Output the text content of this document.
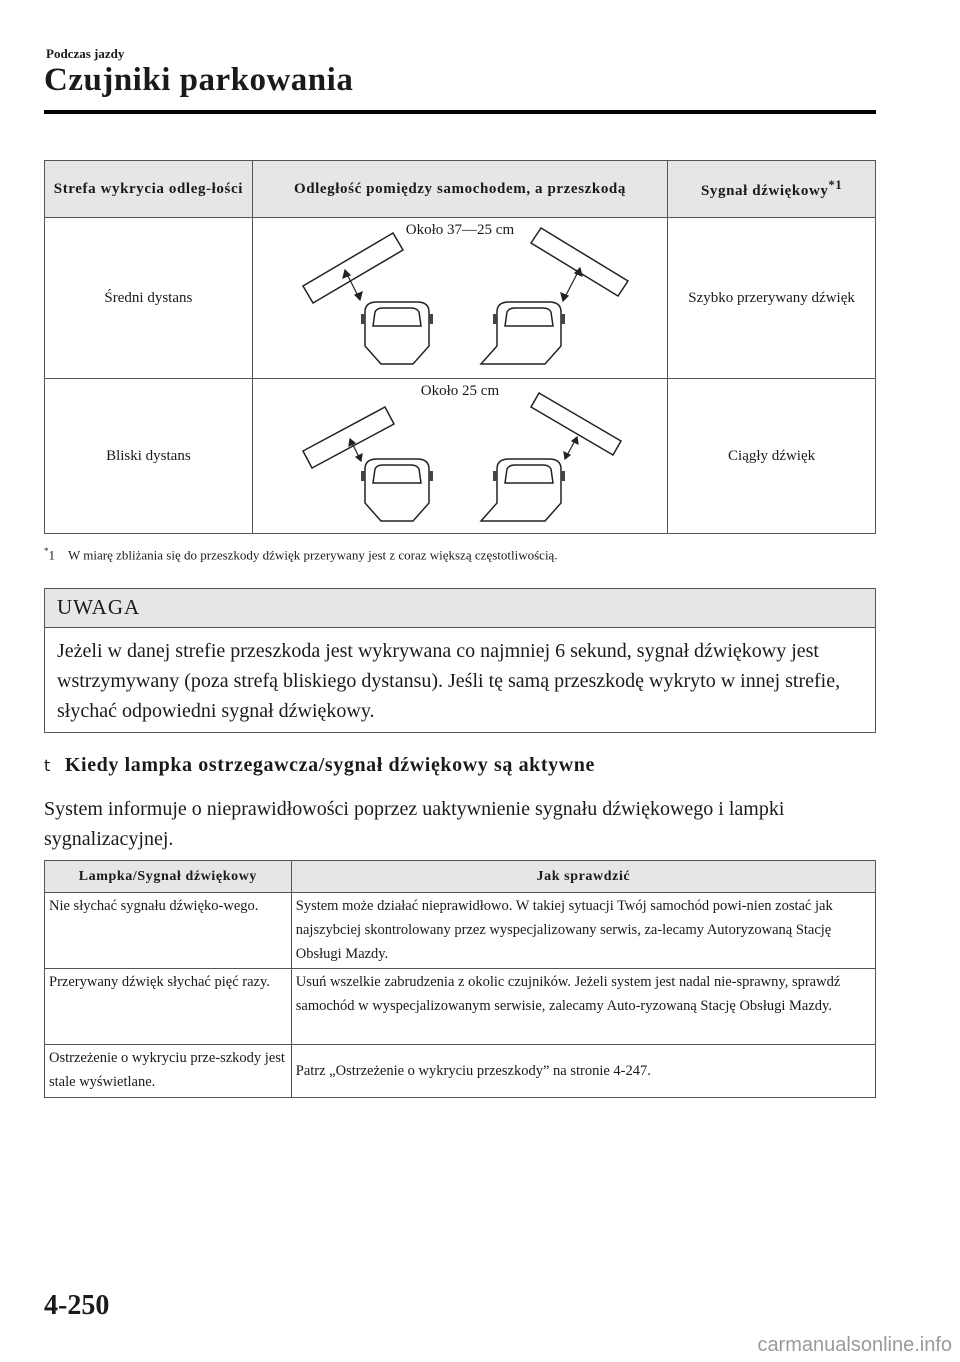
Podczas jazdy
Czujniki parkowania
Strefa wykrycia odleg-łości	Odległość pomiędzy samochodem, a przeszkodą	Sygnał dźwiękowy$^{*1}$
Średni dystans	Około 37—25 cm	Szybko przerywany dźwięk
Bliski dystans	Około 25 cm	Ciągły dźwięk
*1 W miarę zbliżania się do przeszkody dźwięk przerywany jest z coraz większą częstotliwością.
UWAGA
Jeżeli w danej strefie przeszkoda jest wykrywana co najmniej 6 sekund, sygnał dźwiękowy jest wstrzymywany (poza strefą bliskiego dystansu). Jeśli tę samą przeszkodę wykryto w innej strefie, słychać odpowiedni sygnał dźwiękowy.
t Kiedy lampka ostrzegawcza/sygnał dźwiękowy są aktywne
System informuje o nieprawidłowości poprzez uaktywnienie sygnału dźwiękowego i lampki sygnalizacyjnej.
Lampka/Sygnał dźwiękowy	Jak sprawdzić
Nie słychać sygnału dźwięko-wego.	System może działać nieprawidłowo. W takiej sytuacji Twój samochód powi-nien zostać jak najszybciej skontrolowany przez wyspecjalizowany serwis, za-lecamy Autoryzowaną Stację Obsługi Mazdy.
Przerywany dźwięk słychać pięć razy.	Usuń wszelkie zabrudzenia z okolic czujników. Jeżeli system jest nadal nie-sprawny, sprawdź samochód w wyspecjalizowanym serwisie, zalecamy Auto-ryzowaną Stację Obsługi Mazdy.
Ostrzeżenie o wykryciu prze-szkody jest stale wyświetlane.	Patrz „Ostrzeżenie o wykryciu przeszkody” na stronie 4-247.
4-250
carmanualsonline.info
